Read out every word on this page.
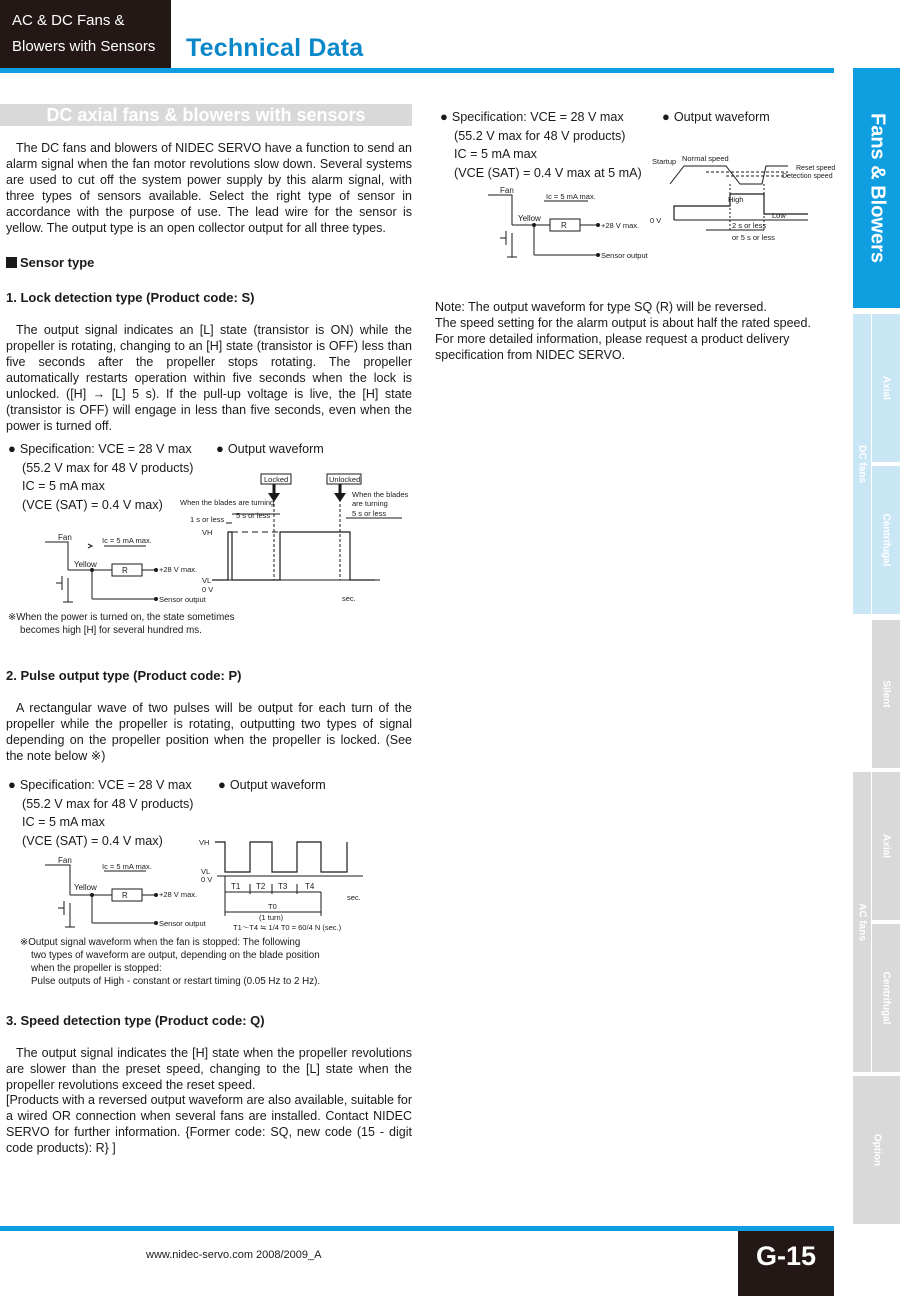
AC & DC Fans &
Blowers with Sensors	Technical Data
DC axial fans & blowers with sensors
The DC fans and blowers of NIDEC SERVO have a function to send an alarm signal when the fan motor revolutions slow down. Several systems are used to cut off the system power supply by this alarm signal, with three types of sensors available. Select the right type of sensor in accordance with the purpose of use. The lead wire for the sensor is yellow. The output type is an open collector output for all three types.
Sensor type
1. Lock detection type (Product code: S)
The output signal indicates an [L] state (transistor is ON) while the propeller is rotating, changing to an [H] state (transistor is OFF) less than five seconds after the propeller stops rotating. The propeller automatically restarts operation within five seconds when the lock is unlocked. ([H] → [L] 5 s). If the pull-up voltage is live, the [H] state (transistor is OFF) will engage in less than five seconds, even when the power is turned off.
● Specification: VCE = 28 V max
(55.2 V max for 48 V products)
IC = 5 mA max
(VCE (SAT) = 0.4 V max)
● Output waveform
Fan	Ic = 5 mA max.
Yellow
R	+28 V max.
Sensor output
Locked	Unlocked
When the blades are turning
When the blades
are turning
1 s or less 5 s or less	5 s or less
VH
VL
0 V
sec.
※When the power is turned on, the state sometimes
becomes high [H] for several hundred ms.
2. Pulse output type (Product code: P)
A rectangular wave of two pulses will be output for each turn of the propeller while the propeller is rotating, outputting two types of signal depending on the propeller position when the propeller is locked. (See the note below ※)
● Specification: VCE = 28 V max
(55.2 V max for 48 V products)
IC = 5 mA max
(VCE (SAT) = 0.4 V max)
● Output waveform
Fan
Ic = 5 mA max.
Yellow
R	+28 V max.
Sensor output
VH
VL
0 V
T1 T2 T3 T4
sec.
T0
(1 turn)
T1〜T4 ≒ 1/4 T0 = 60/4 N (sec.)
※Output signal waveform when the fan is stopped: The following
two types of waveform are output, depending on the blade position
when the propeller is stopped:
Pulse outputs of High - constant or restart timing (0.05 Hz to 2 Hz).
3. Speed detection type (Product code: Q)
The output signal indicates the [H] state when the propeller revolutions are slower than the preset speed, changing to the [L] state when the propeller revolutions exceed the reset speed.
[Products with a reversed output waveform are also available, suitable for a wired OR connection when several fans are installed. Contact NIDEC SERVO for further information. {Former code: SQ, new code (15 - digit code products): R} ]
● Specification: VCE = 28 V max
(55.2 V max for 48 V products)
IC = 5 mA max
(VCE (SAT) = 0.4 V max at 5 mA)
● Output waveform
Fan
Ic = 5 mA max.
Yellow
R	+28 V max.
Sensor output
Startup Normal speed
Reset speed
Detection speed
0 V
High
Low
2 s or less
or 5 s or less
Note: The output waveform for type SQ (R) will be reversed.
The speed setting for the alarm output is about half the rated speed.
For more detailed information, please request a product delivery specification from NIDEC SERVO.
Fans & Blowers
Axial
Centrifugal
Silent
Axial
Centrifugal
Option
DC fans
AC fans
www.nidec-servo.com 2008/2009_A	G-15
